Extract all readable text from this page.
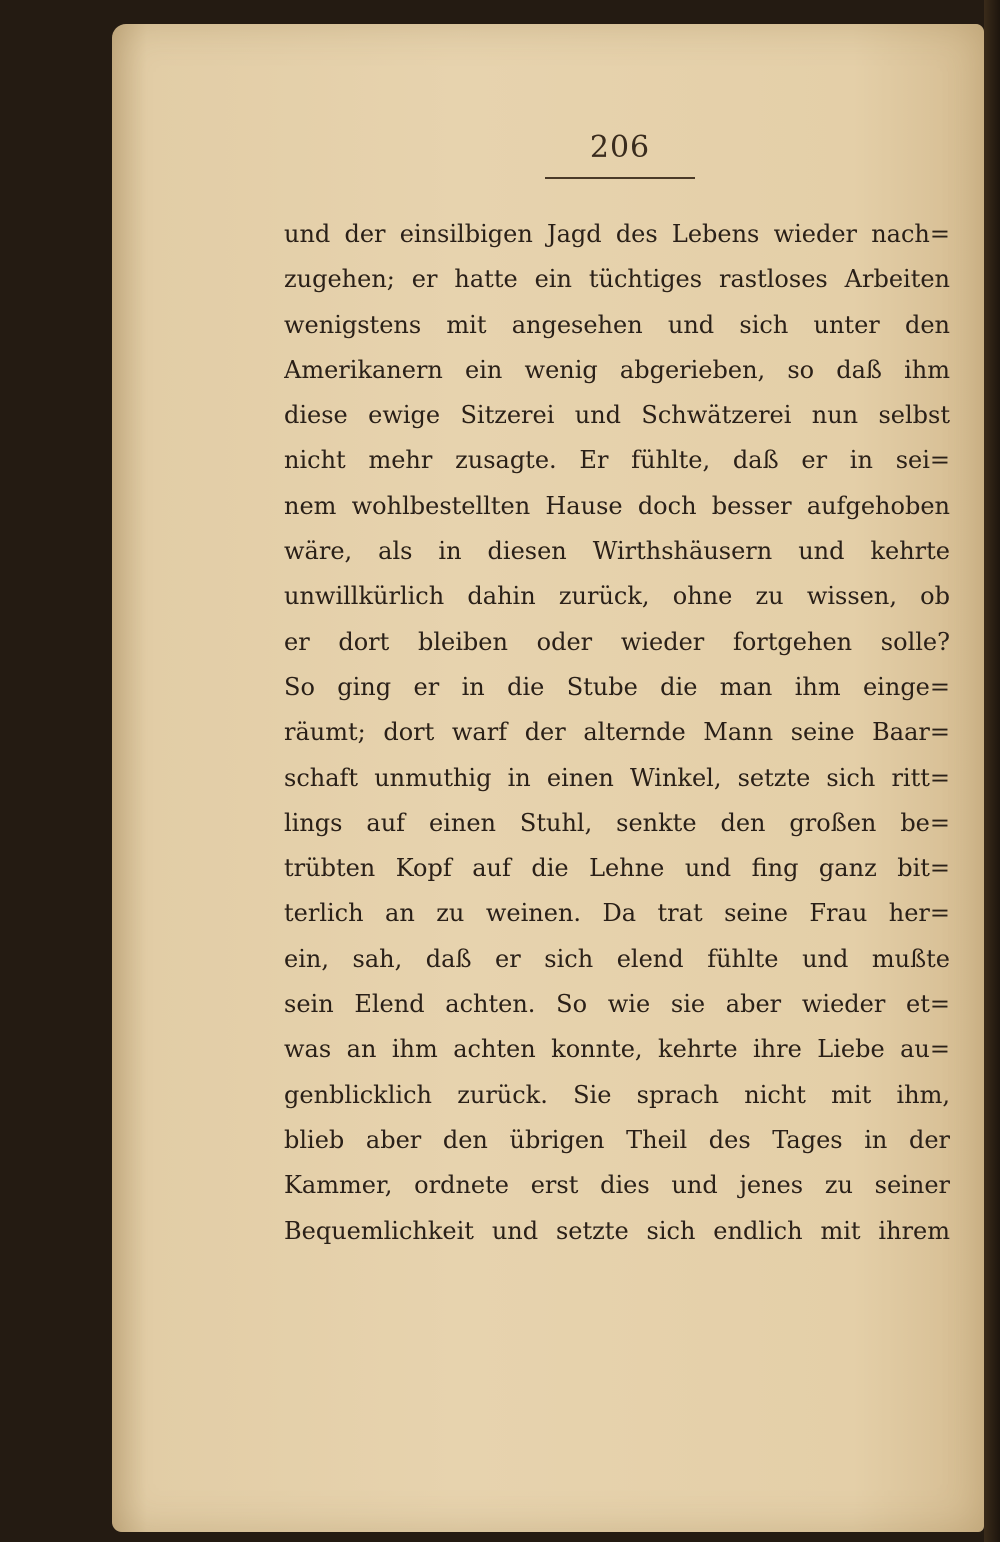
206
und der einsilbigen Jagd des Lebens wieder nach=
zugehen; er hatte ein tüchtiges rastloses Arbeiten
wenigstens mit angesehen und sich unter den
Amerikanern ein wenig abgerieben, so daß ihm
diese ewige Sitzerei und Schwätzerei nun selbst
nicht mehr zusagte. Er fühlte, daß er in sei=
nem wohlbestellten Hause doch besser aufgehoben
wäre, als in diesen Wirthshäusern und kehrte
unwillkürlich dahin zurück, ohne zu wissen, ob
er dort bleiben oder wieder fortgehen solle?
So ging er in die Stube die man ihm einge=
räumt; dort warf der alternde Mann seine Baar=
schaft unmuthig in einen Winkel, setzte sich ritt=
lings auf einen Stuhl, senkte den großen be=
trübten Kopf auf die Lehne und fing ganz bit=
terlich an zu weinen. Da trat seine Frau her=
ein, sah, daß er sich elend fühlte und mußte
sein Elend achten. So wie sie aber wieder et=
was an ihm achten konnte, kehrte ihre Liebe au=
genblicklich zurück. Sie sprach nicht mit ihm,
blieb aber den übrigen Theil des Tages in der
Kammer, ordnete erst dies und jenes zu seiner
Bequemlichkeit und setzte sich endlich mit ihrem
